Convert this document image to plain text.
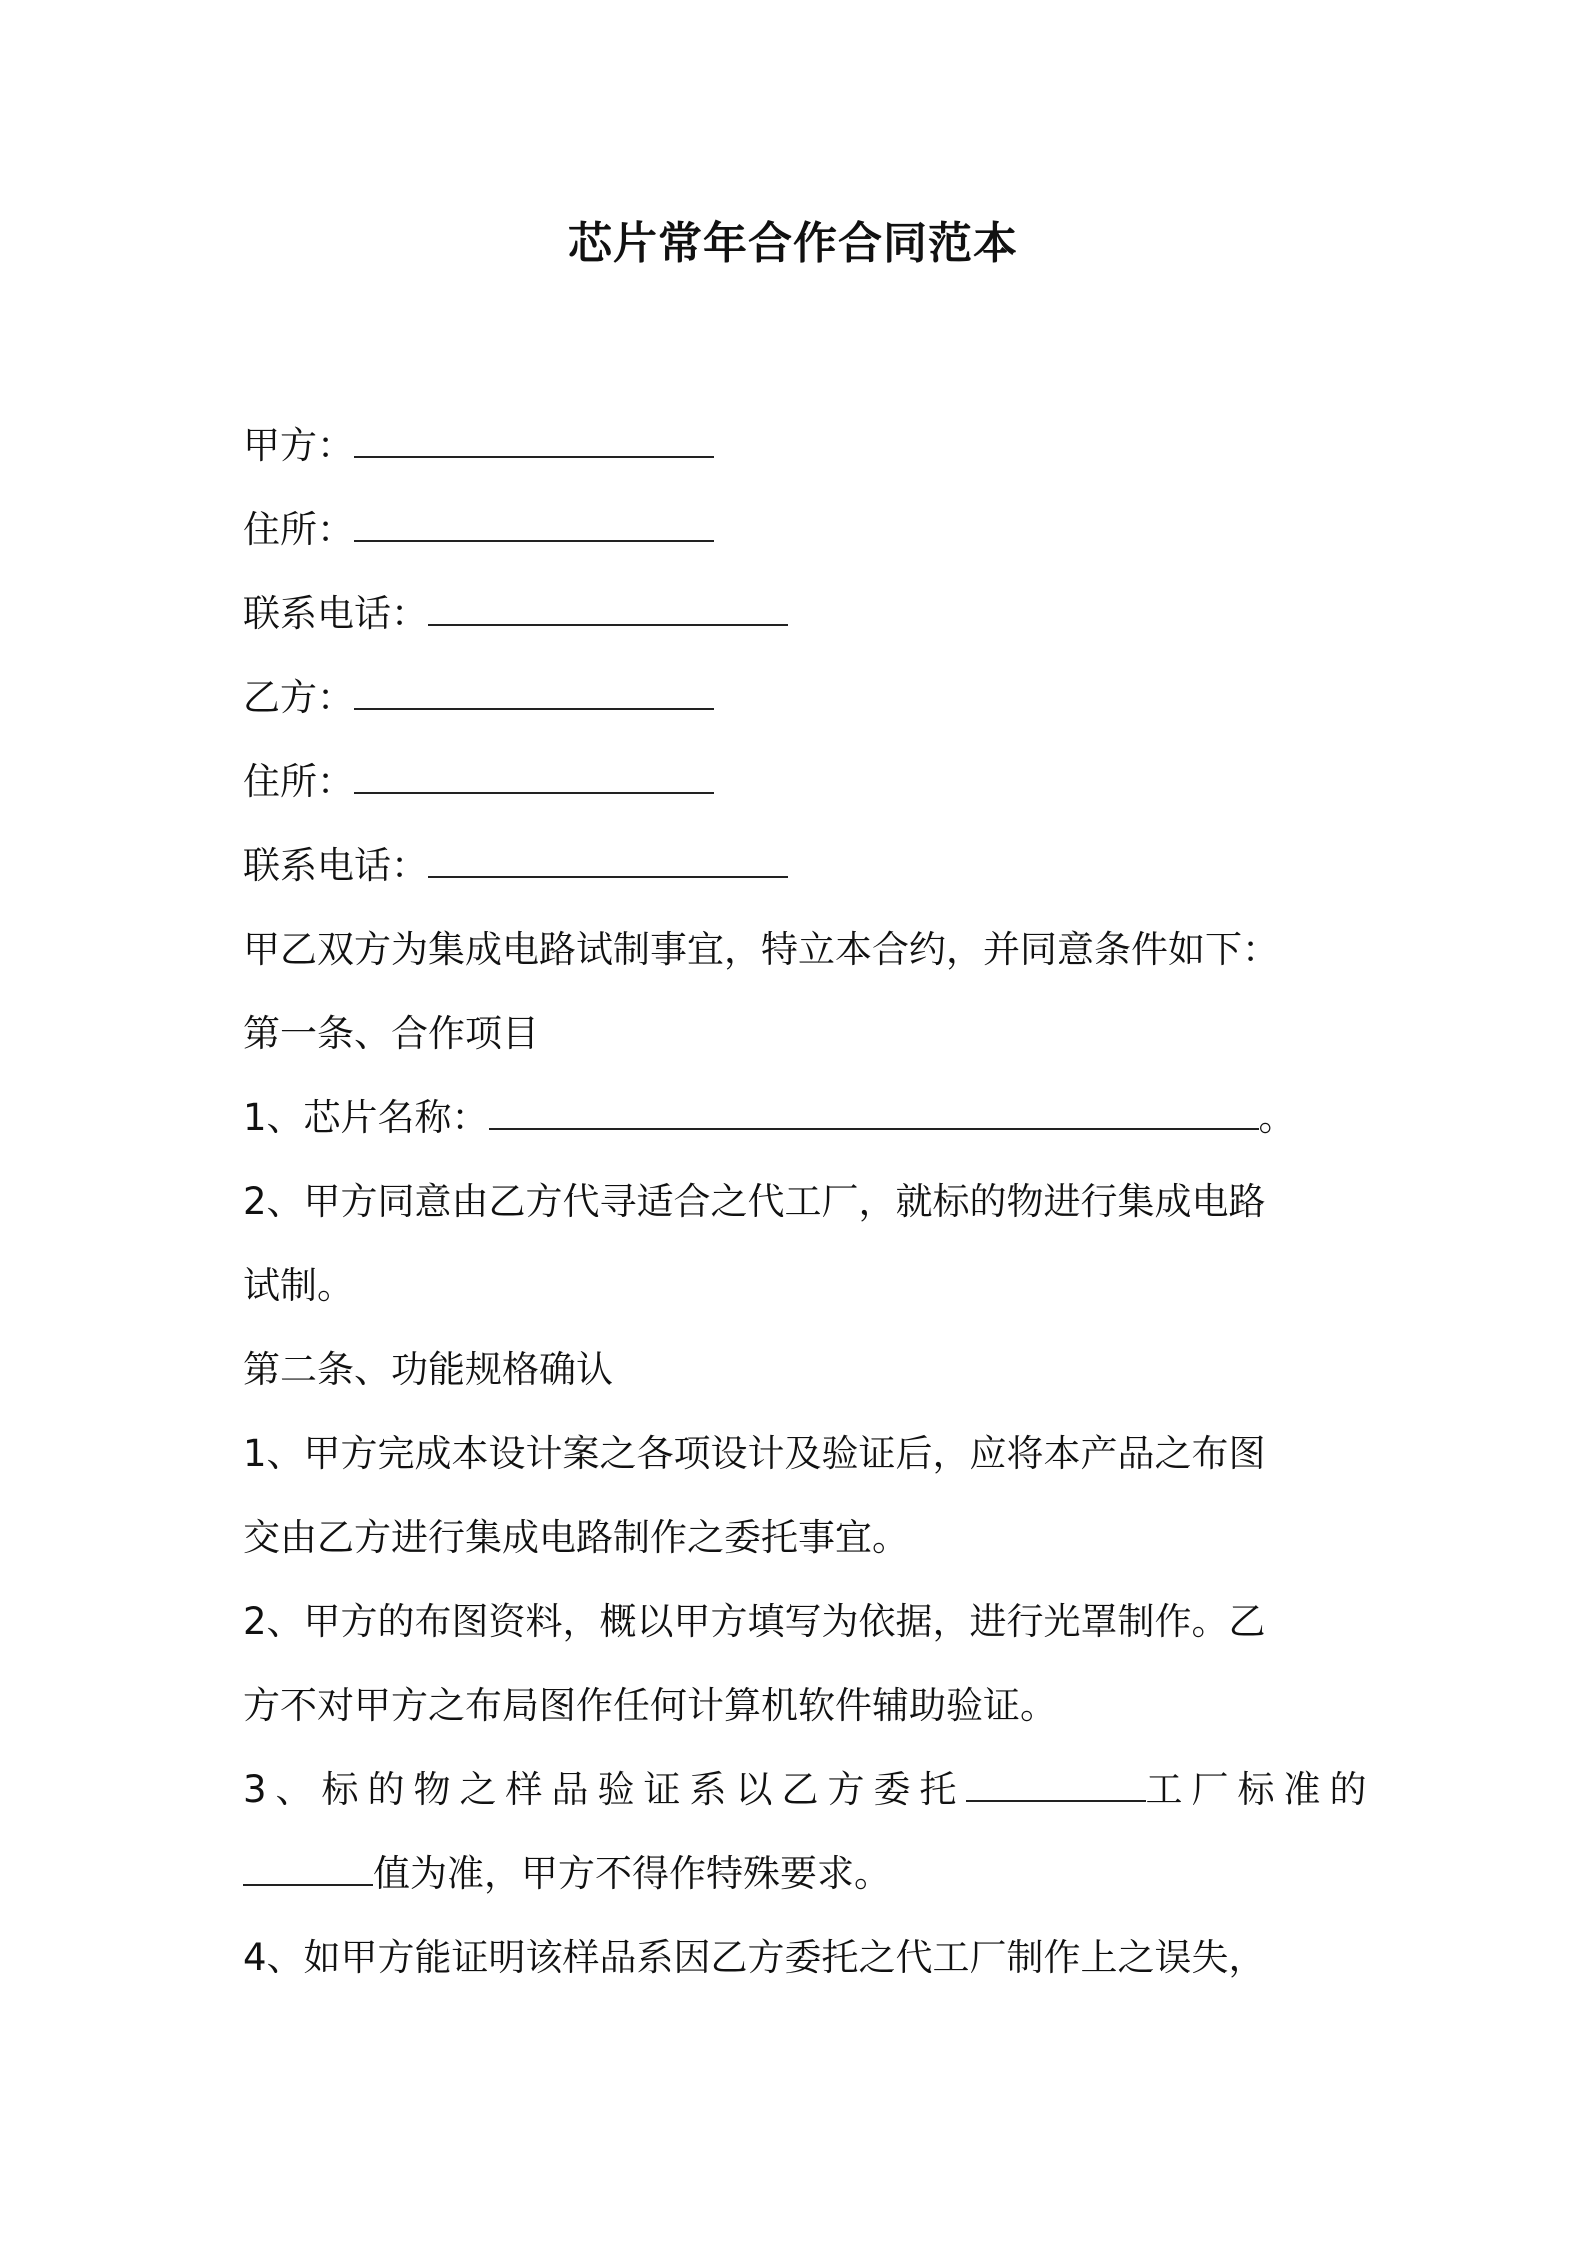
芯片常年合作合同范本
甲方：
住所：
联系电话：
乙方：
住所：
联系电话：
甲乙双方为集成电路试制事宜，特立本合约，并同意条件如下：
第一条、合作项目
1、芯片名称：	。
2、甲方同意由乙方代寻适合之代工厂，就标的物进行集成电路
试制。
第二条、功能规格确认
1、甲方完成本设计案之各项设计及验证后，应将本产品之布图
交由乙方进行集成电路制作之委托事宜。
2、甲方的布图资料，概以甲方填写为依据，进行光罩制作。乙
方不对甲方之布局图作任何计算机软件辅助验证。
3、标的物之样品验证系以乙方委托	工厂标准的
值为准，甲方不得作特殊要求。
4、如甲方能证明该样品系因乙方委托之代工厂制作上之误失，
